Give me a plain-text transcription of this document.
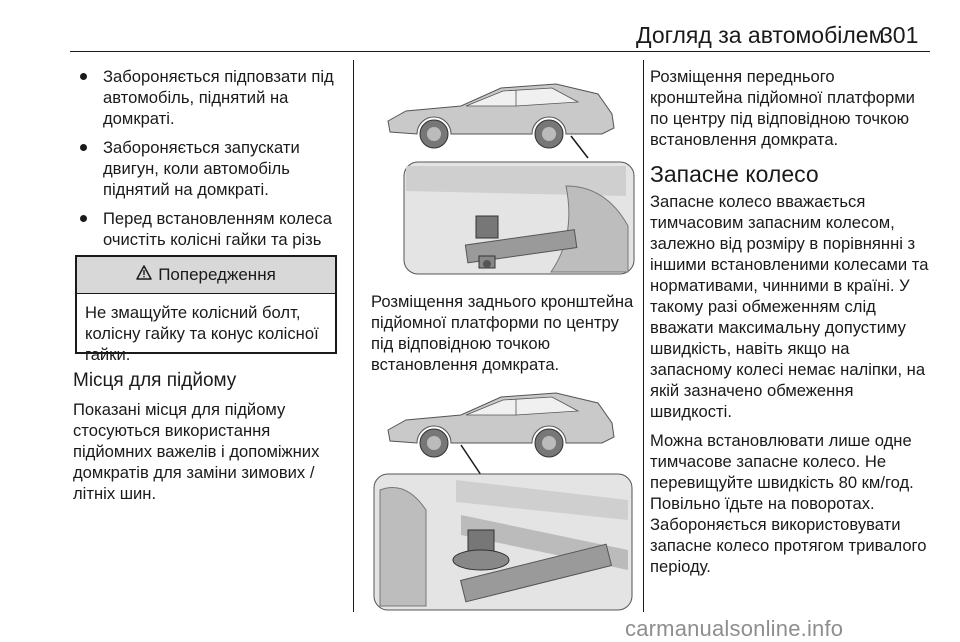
Догляд за автомобілем
301
Забороняється підповзати під автомобіль, піднятий на домкраті.
Забороняється запускати двигун, коли автомобіль піднятий на домкраті.
Перед встановленням колеса очистіть колісні гайки та різь
Попередження
Не змащуйте колісний болт, колісну гайку та конус колісної гайки.
Місця для підйому
Показані місця для підйому стосуються використання підйомних важелів і допоміжних домкратів для заміни зимових / літніх шин.
Розміщення заднього кронштейна підйомної платформи по центру під відповідною точкою встановлення домкрата.
Розміщення переднього кронштейна підйомної платформи по центру під відповідною точкою встановлення домкрата.
Запасне колесо

Запасне колесо вважається тимчасовим запасним колесом, залежно від розміру в порівнянні з іншими встановленими колесами та нормативами, чинними в країні. У такому разі обмеженням слід вважати максимальну допустиму швидкість, навіть якщо на запасному колесі немає наліпки, на якій зазначено обмеження швидкості.

Можна встановлювати лише одне тимчасове запасне колесо. Не перевищуйте швидкість 80 км/год. Повільно їдьте на поворотах. Забороняється використовувати запасне колесо протягом тривалого періоду.

carmanualsonline.info
